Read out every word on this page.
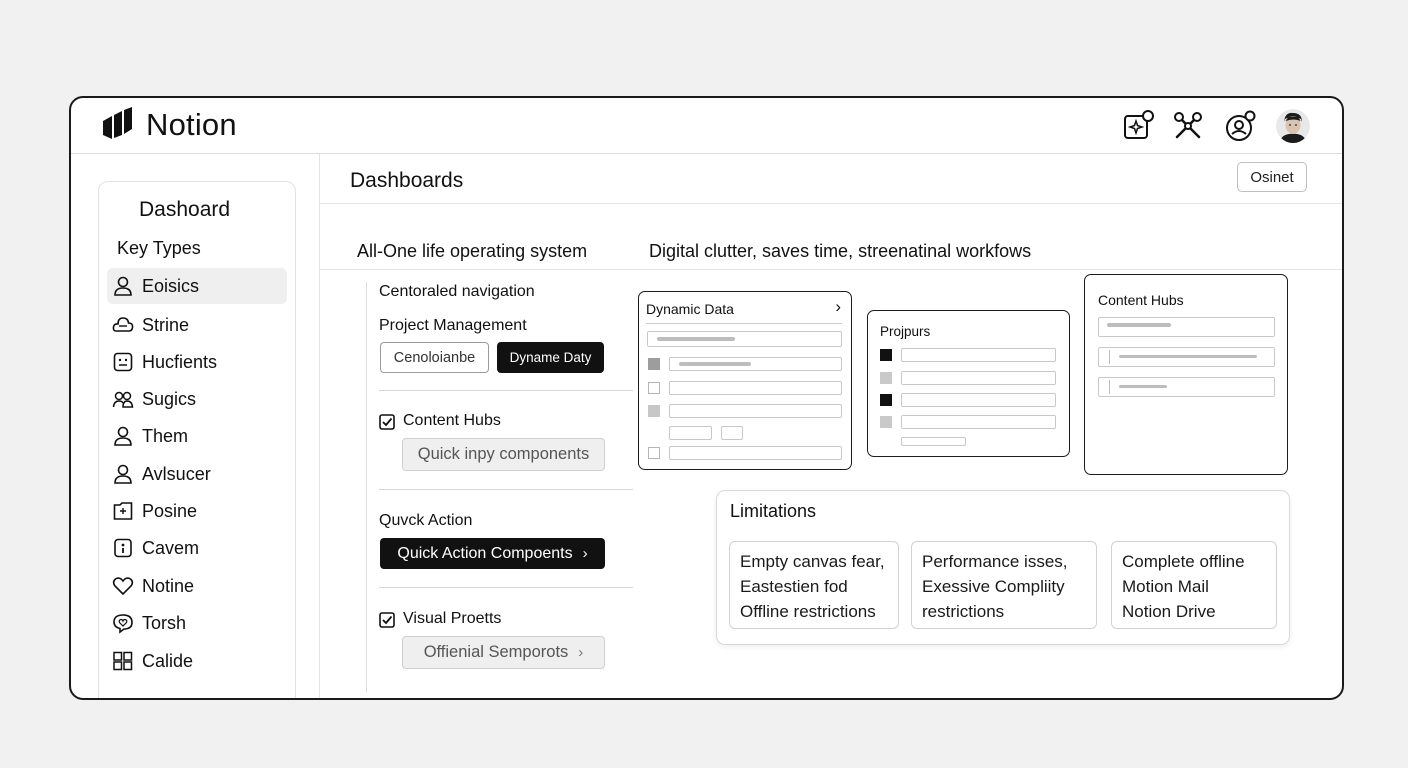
Notion
Dashoard
Key Types
Eoisics
Strine
Hucfients
Sugics
Them
Avlsucer
Posine
Cavem
Notine
Torsh
Calide
Dashboards	Osinet
All-One life operating system	Digital clutter, saves time, streenatinal workfows
Centoraled navigation
Project Management
Cenoloianbe	Dyname Daty
Content Hubs
Quick inpy components
Quvck Action
Quick Action Compoents ›
Visual Proetts
Offienial Semporots ›
Dynamic Data	›
Projpurs
Content Hubs
Limitations
Empty canvas fear,
Eastestien fod
Offline restrictions
Performance isses,
Exessive Compliity
restrictions
Complete offline
Motion Mail
Notion Drive
